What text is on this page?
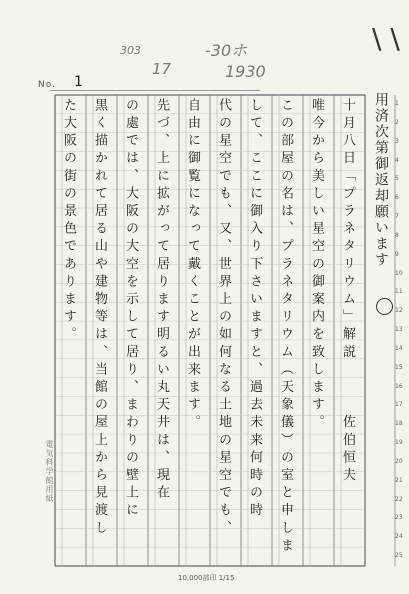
\ \
303	-30ホ
17	1930
No. 1
用済次第御返却願います
十月八日「プラネタリウム」解説　　　佐伯恒夫
唯今から美しい星空の御案内を致します。
この部屋の名は、プラネタリウム（天象儀）の室と申しま
して、ここに御入り下さいますと、過去未来何時の時
代の星空でも、又、世界上の如何なる土地の星空でも、
自由に御覧になって戴くことが出来ます。
先づ、上に拡がって居ります明るい丸天井は、現在
の處では、大阪の大空を示して居り、まわりの壁上に
黒く描かれて居る山や建物等は、当館の屋上から見渡し
た大阪の街の景色であります。	1
2
3
4
5
6
7
8
9
10
11
12
13
14
15
16
17
18
19
20
21
22
23
24
25
電気科学館用紙
10,000部印 1/15
